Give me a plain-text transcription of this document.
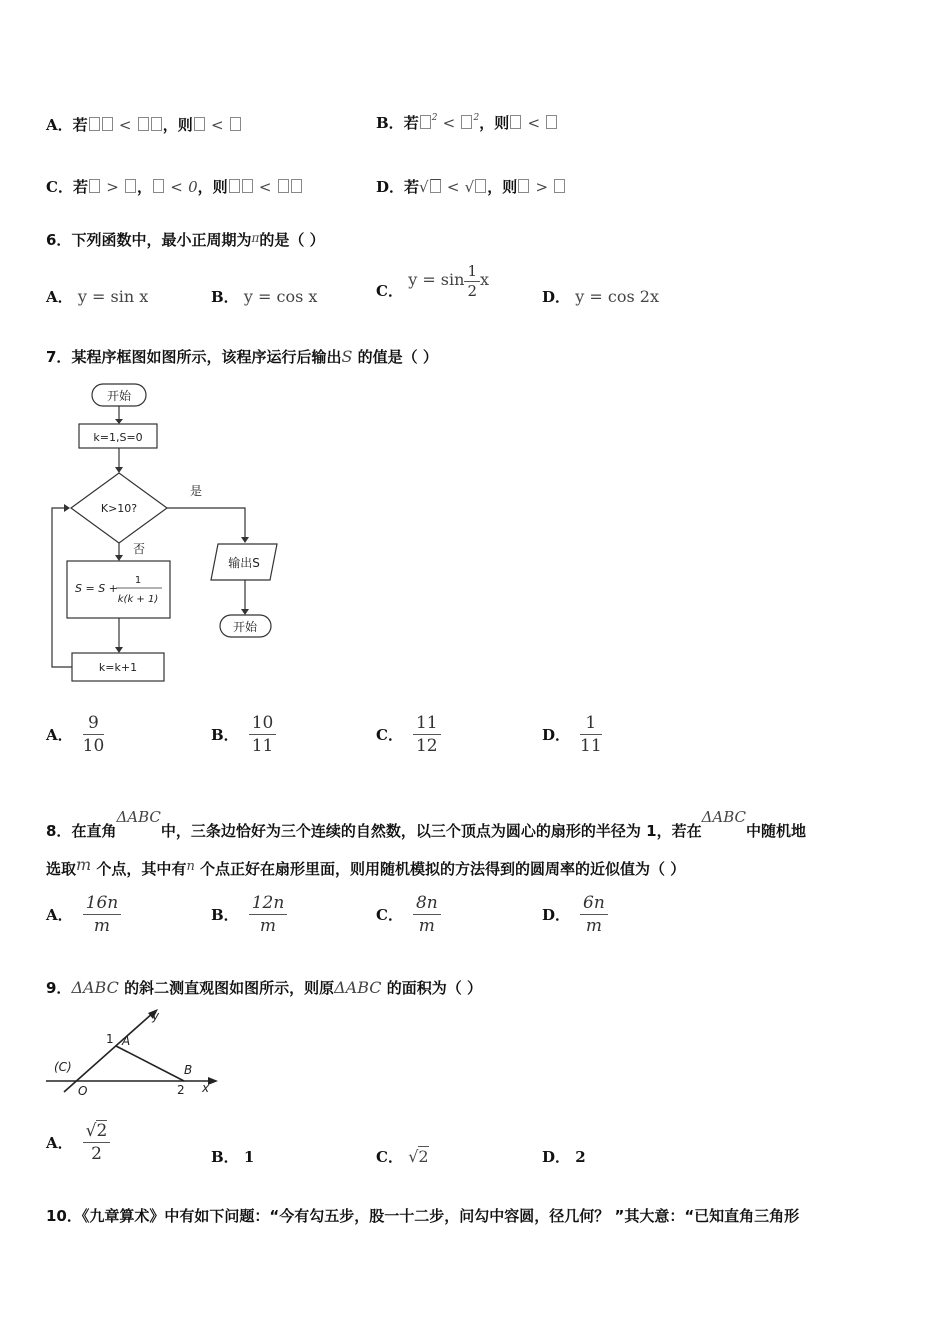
A．若 < ，则 <	B．若 $^2$ < $^2$，则 <
C．若 > ， < 0，则 <	D．若√ < √ ，则 >
6．下列函数中，最小正周期为$^\pi$的是（ ）
A． y = sin x	B． y = cos x	C． $y = \sin \frac{1}{2}$ x
D． y = cos 2x
7．某程序框图如图所示，该程序运行后输出S 的值是（ ）
开始
k=1,S=0
K>10?
是
否
S = S +
1
k(k + 1)
输出S
开始
k=k+1
A． $\frac{9}{10}$	B． $\frac{10}{11}$	C． $\frac{11}{12}$	D． $\frac{1}{11}$
8．在直角ΔABC中，三条边恰好为三个连续的自然数，以三个顶点为圆心的扇形的半径为 1，若在ΔABC中随机地
选取m 个点，其中有n 个点正好在扇形里面，则用随机模拟的方法得到的圆周率的近似值为（ ）
A． $\frac{16n}{m}$	B． $\frac{12n}{m}$	C． $\frac{8n}{m}$	D． $\frac{6n}{m}$
9．ΔABC 的斜二测直观图如图所示，则原ΔABC 的面积为（ ）
y
x
1 A
(C)
O
B
2
A． $\frac{√2}{2}$	B． 1	C． √2	D． 2
10．《九章算术》中有如下问题：“今有勾五步，股一十二步，问勾中容圆，径几何？ ”其大意：“已知直角三角形
